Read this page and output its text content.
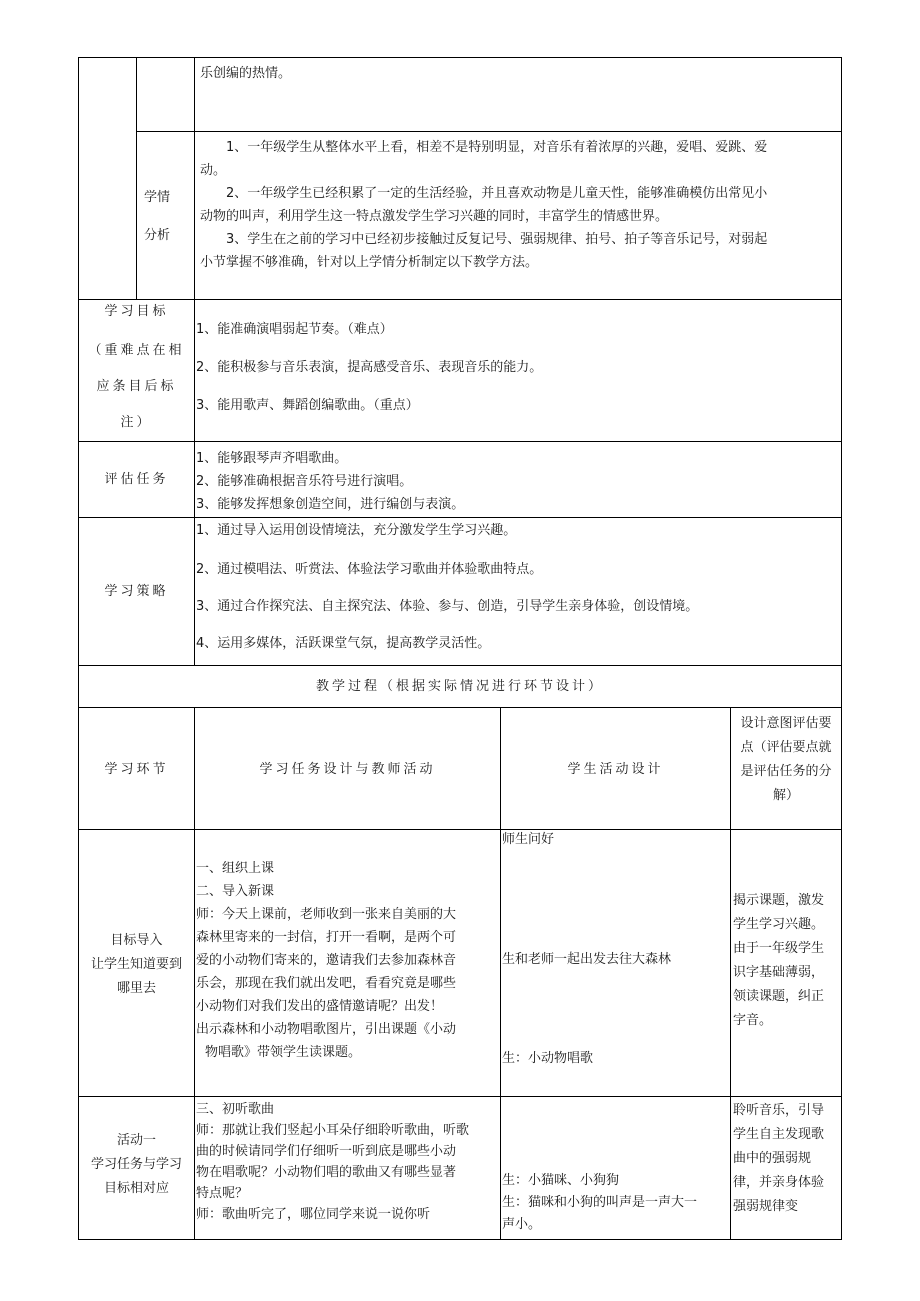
乐创编的热情。
学情
分析
　　1、一年级学生从整体水平上看，相差不是特别明显，对音乐有着浓厚的兴趣，爱唱、爱跳、爱
动。
　　2、一年级学生已经积累了一定的生活经验，并且喜欢动物是儿童天性，能够准确模仿出常见小
动物的叫声，利用学生这一特点激发学生学习兴趣的同时，丰富学生的情感世界。
　　3、学生在之前的学习中已经初步接触过反复记号、强弱规律、拍号、拍子等音乐记号，对弱起
小节掌握不够准确，针对以上学情分析制定以下教学方法。
学习目标
（重难点在相
应条目后标
注）
1、能准确演唱弱起节奏。（难点）
2、能积极参与音乐表演，提高感受音乐、表现音乐的能力。
3、能用歌声、舞蹈创编歌曲。（重点）
评估任务
1、能够跟琴声齐唱歌曲。
2、能够准确根据音乐符号进行演唱。
3、能够发挥想象创造空间，进行编创与表演。
学习策略
1、通过导入运用创设情境法，充分激发学生学习兴趣。
2、通过模唱法、听赏法、体验法学习歌曲并体验歌曲特点。
3、通过合作探究法、自主探究法、体验、参与、创造，引导学生亲身体验，创设情境。
4、运用多媒体，活跃课堂气氛，提高教学灵活性。
教学过程（根据实际情况进行环节设计）
学习环节	学习任务设计与教师活动	学生活动设计
设计意图评估要
点（评估要点就
是评估任务的分
解）
目标导入
让学生知道要到
哪里去
一、组织上课
二、导入新课
师：今天上课前，老师收到一张来自美丽的大
森林里寄来的一封信，打开一看啊，是两个可
爱的小动物们寄来的，邀请我们去参加森林音
乐会，那现在我们就出发吧，看看究竟是哪些
小动物们对我们发出的盛情邀请呢？出发！
出示森林和小动物唱歌图片，引出课题《小动
物唱歌》带领学生读课题。
师生问好
生和老师一起出发去往大森林
生：小动物唱歌
揭示课题，激发
学生学习兴趣。
由于一年级学生
识字基础薄弱，
领读课题，纠正
字音。
活动一
学习任务与学习
目标相对应
三、初听歌曲
师：那就让我们竖起小耳朵仔细聆听歌曲，听歌
曲的时候请同学们仔细听一听到底是哪些小动
物在唱歌呢？小动物们唱的歌曲又有哪些显著
特点呢？
师：歌曲听完了，哪位同学来说一说你听
生：小猫咪、小狗狗
生：猫咪和小狗的叫声是一声大一
声小。
聆听音乐，引导
学生自主发现歌
曲中的强弱规
律，并亲身体验
强弱规律变
